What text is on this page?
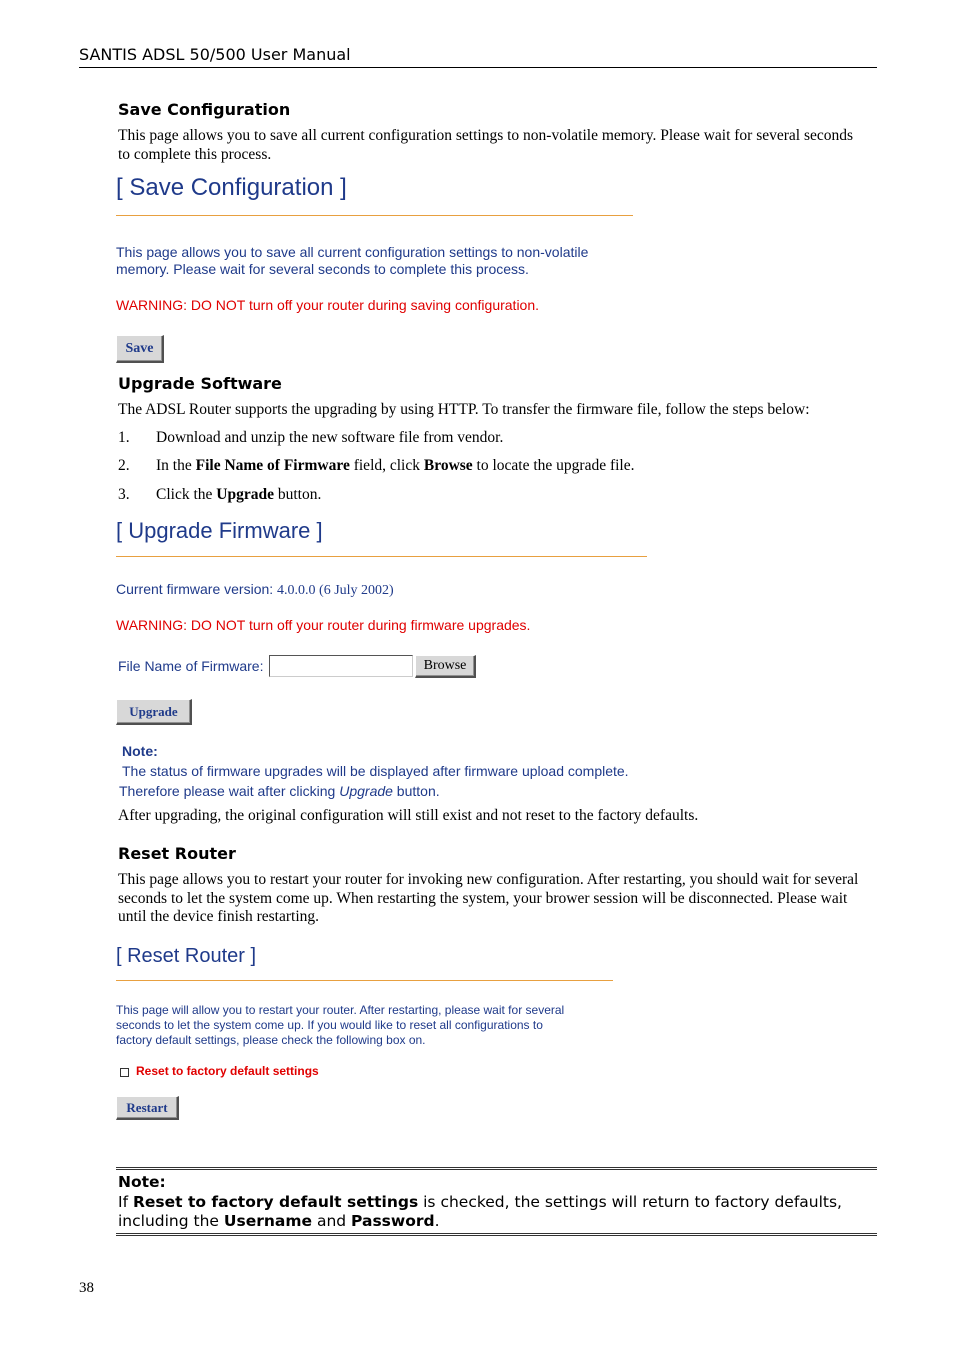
SANTIS ADSL 50/500 User Manual
Save Configuration
This page allows you to save all current configuration settings to non-volatile memory. Please wait for several seconds to complete this process.
[ Save Configuration ]
This page allows you to save all current configuration settings to non-volatile
memory. Please wait for several seconds to complete this process.
WARNING: DO NOT turn off your router during saving configuration.
Save
Upgrade Software
The ADSL Router supports the upgrading by using HTTP. To transfer the firmware file, follow the steps below:
1. Download and unzip the new software file from vendor.
2. In the File Name of Firmware field, click Browse to locate the upgrade file.
3. Click the Upgrade button.
[ Upgrade Firmware ]
Current firmware version: 4.0.0.0 (6 July 2002)
WARNING: DO NOT turn off your router during firmware upgrades.
File Name of Firmware:	Browse
Upgrade
Note:
The status of firmware upgrades will be displayed after firmware upload complete.
Therefore please wait after clicking Upgrade button.
After upgrading, the original configuration will still exist and not reset to the factory defaults.
Reset Router
This page allows you to restart your router for invoking new configuration. After restarting, you should wait for several seconds to let the system come up. When restarting the system, your brower session will be disconnected. Please wait until the device finish restarting.
[ Reset Router ]
This page will allow you to restart your router. After restarting, please wait for several
seconds to let the system come up. If you would like to reset all configurations to
factory default settings, please check the following box on.
Reset to factory default settings
Restart
Note:
If Reset to factory default settings is checked, the settings will return to factory defaults, including the Username and Password.
38
